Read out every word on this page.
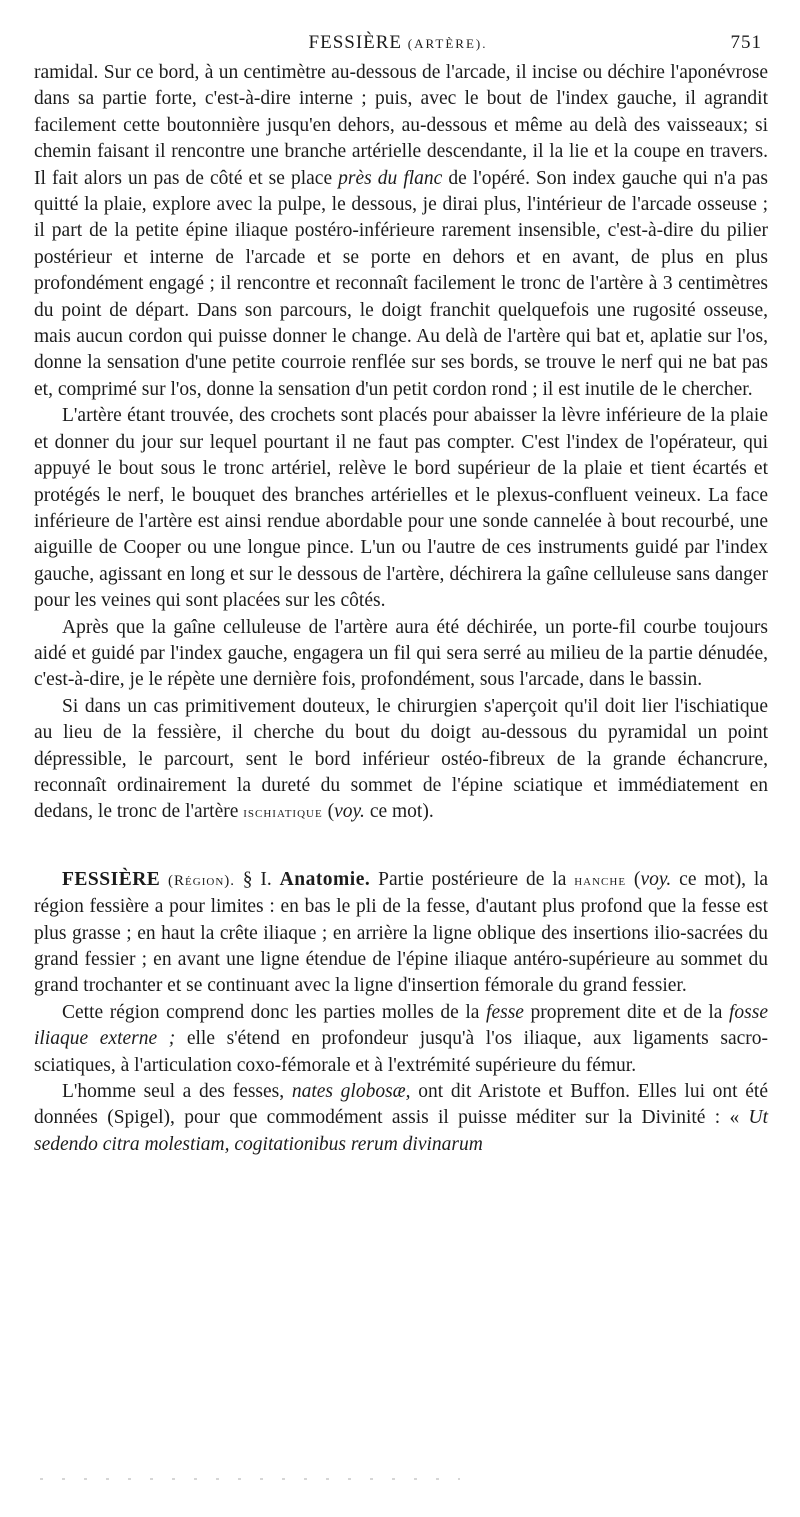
FESSIÈRE (ARTÈRE).	751

ramidal. Sur ce bord, à un centimètre au-dessous de l'arcade, il incise ou déchire l'aponévrose dans sa partie forte, c'est-à-dire interne ; puis, avec le bout de l'index gauche, il agrandit facilement cette boutonnière jusqu'en dehors, au-dessous et même au delà des vaisseaux; si chemin faisant il rencontre une branche artérielle descendante, il la lie et la coupe en travers. Il fait alors un pas de côté et se place près du flanc de l'opéré. Son index gauche qui n'a pas quitté la plaie, explore avec la pulpe, le dessous, je dirai plus, l'intérieur de l'arcade osseuse ; il part de la petite épine iliaque postéro-inférieure rarement insensible, c'est-à-dire du pilier postérieur et interne de l'arcade et se porte en dehors et en avant, de plus en plus profondément engagé ; il rencontre et reconnaît facilement le tronc de l'artère à 3 centimètres du point de départ. Dans son parcours, le doigt franchit quelquefois une rugosité osseuse, mais aucun cordon qui puisse donner le change. Au delà de l'artère qui bat et, aplatie sur l'os, donne la sensation d'une petite courroie renflée sur ses bords, se trouve le nerf qui ne bat pas et, comprimé sur l'os, donne la sensation d'un petit cordon rond ; il est inutile de le chercher.

L'artère étant trouvée, des crochets sont placés pour abaisser la lèvre inférieure de la plaie et donner du jour sur lequel pourtant il ne faut pas compter. C'est l'index de l'opérateur, qui appuyé le bout sous le tronc artériel, relève le bord supérieur de la plaie et tient écartés et protégés le nerf, le bouquet des branches artérielles et le plexus-confluent veineux. La face inférieure de l'artère est ainsi rendue abordable pour une sonde cannelée à bout recourbé, une aiguille de Cooper ou une longue pince. L'un ou l'autre de ces instruments guidé par l'index gauche, agissant en long et sur le dessous de l'artère, déchirera la gaîne celluleuse sans danger pour les veines qui sont placées sur les côtés.

Après que la gaîne celluleuse de l'artère aura été déchirée, un porte-fil courbe toujours aidé et guidé par l'index gauche, engagera un fil qui sera serré au milieu de la partie dénudée, c'est-à-dire, je le répète une dernière fois, profondément, sous l'arcade, dans le bassin.

Si dans un cas primitivement douteux, le chirurgien s'aperçoit qu'il doit lier l'ischiatique au lieu de la fessière, il cherche du bout du doigt au-dessous du pyramidal un point dépressible, le parcourt, sent le bord inférieur ostéo-fibreux de la grande échancrure, reconnaît ordinairement la dureté du sommet de l'épine sciatique et immédiatement en dedans, le tronc de l'artère ischiatique (voy. ce mot).

FESSIÈRE (Région). § I. Anatomie. Partie postérieure de la hanche (voy. ce mot), la région fessière a pour limites : en bas le pli de la fesse, d'autant plus profond que la fesse est plus grasse ; en haut la crête iliaque ; en arrière la ligne oblique des insertions ilio-sacrées du grand fessier ; en avant une ligne étendue de l'épine iliaque antéro-supérieure au sommet du grand trochanter et se continuant avec la ligne d'insertion fémorale du grand fessier.

Cette région comprend donc les parties molles de la fesse proprement dite et de la fosse iliaque externe ; elle s'étend en profondeur jusqu'à l'os iliaque, aux ligaments sacro-sciatiques, à l'articulation coxo-fémorale et à l'extrémité supérieure du fémur.

L'homme seul a des fesses, nates globosæ, ont dit Aristote et Buffon. Elles lui ont été données (Spigel), pour que commodément assis il puisse méditer sur la Divinité : « Ut sedendo citra molestiam, cogitationibus rerum divinarum
